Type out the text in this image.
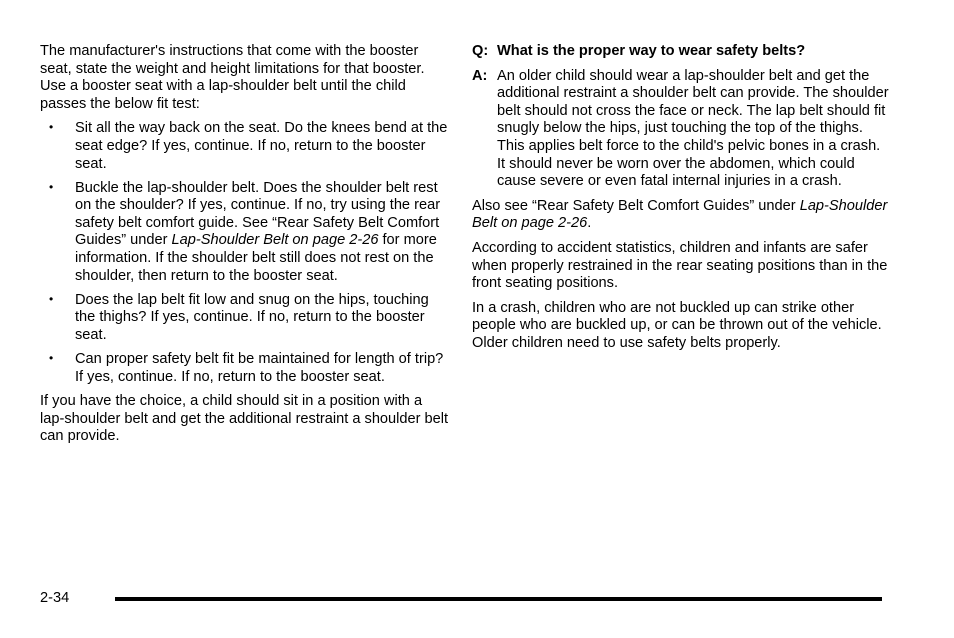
The manufacturer's instructions that come with the booster seat, state the weight and height limitations for that booster. Use a booster seat with a lap-shoulder belt until the child passes the below fit test:

• Sit all the way back on the seat. Do the knees bend at the seat edge? If yes, continue. If no, return to the booster seat.
• Buckle the lap-shoulder belt. Does the shoulder belt rest on the shoulder? If yes, continue. If no, try using the rear safety belt comfort guide. See “Rear Safety Belt Comfort Guides” under Lap-Shoulder Belt on page 2-26 for more information. If the shoulder belt still does not rest on the shoulder, then return to the booster seat.
• Does the lap belt fit low and snug on the hips, touching the thighs? If yes, continue. If no, return to the booster seat.
• Can proper safety belt fit be maintained for length of trip? If yes, continue. If no, return to the booster seat.

If you have the choice, a child should sit in a position with a lap-shoulder belt and get the additional restraint a shoulder belt can provide.

Q: What is the proper way to wear safety belts?
A: An older child should wear a lap-shoulder belt and get the additional restraint a shoulder belt can provide. The shoulder belt should not cross the face or neck. The lap belt should fit snugly below the hips, just touching the top of the thighs. This applies belt force to the child's pelvic bones in a crash.

It should never be worn over the abdomen, which could cause severe or even fatal internal injuries in a crash.

Also see “Rear Safety Belt Comfort Guides” under Lap-Shoulder Belt on page 2-26.

According to accident statistics, children and infants are safer when properly restrained in the rear seating positions than in the front seating positions.

In a crash, children who are not buckled up can strike other people who are buckled up, or can be thrown out of the vehicle. Older children need to use safety belts properly.

2-34
